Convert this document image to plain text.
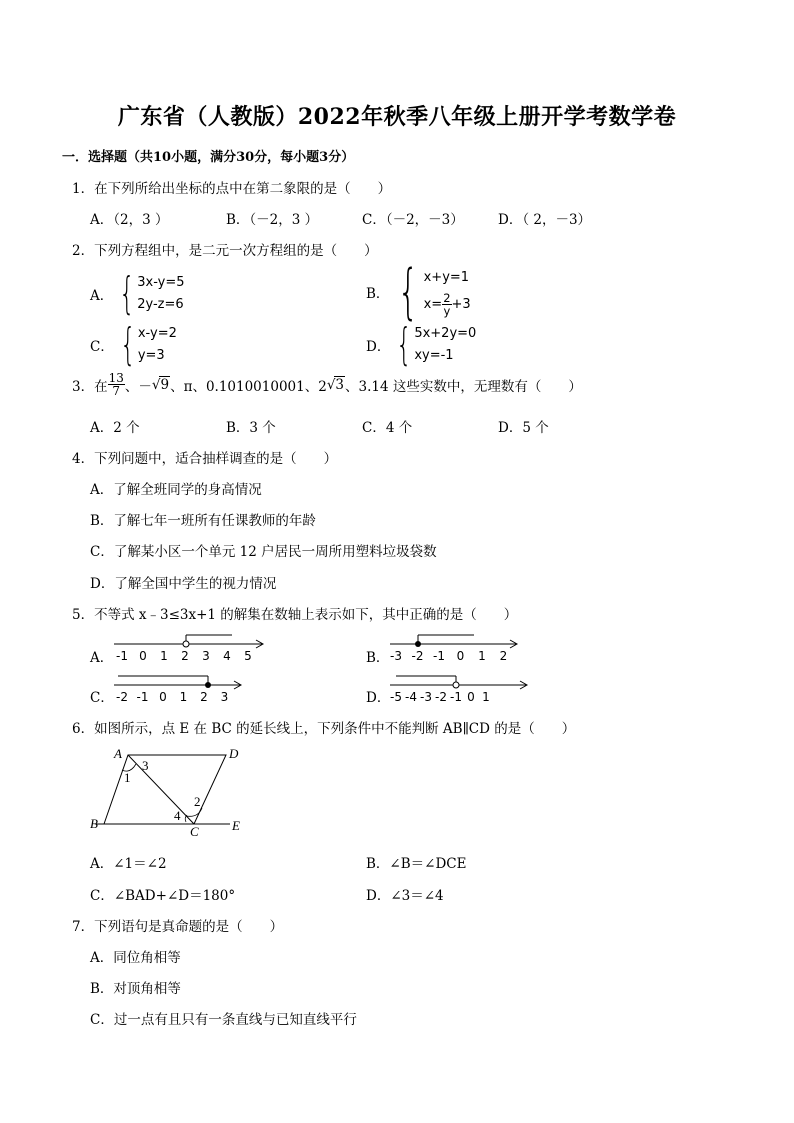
广东省（人教版）2022年秋季八年级上册开学考数学卷
一．选择题（共10小题，满分30分，每小题3分）
1．在下列所给出坐标的点中在第二象限的是（　　）
A．（2，3 ）	B．（－2，3 ）	C．（－2，－3）	D．（ 2，－3）
2．下列方程组中，是二元一次方程组的是（　　）
A． { 3x-y=5
2y-z=6
B． { x+y=1
$x= \frac{2}{y} +3$
C． { x-y=2
y=3
D． { 5x+2y=0
xy=-1
3．在 $\frac{13}{7}$ 、－ √ 9 、π、0.1010010001、2 √ 3 、3.14 这些实数中，无理数有（　　）
A．2 个	B．3 个	C．4 个	D．5 个
4．下列问题中，适合抽样调查的是（　　）
A．了解全班同学的身高情况
B．了解七年一班所有任课教师的年龄
C．了解某小区一个单元 12 户居民一周所用塑料垃圾袋数
D．了解全国中学生的视力情况
5．不等式 x﹣3≤3x+1 的解集在数轴上表示如下，其中正确的是（　　）
A． -1 0 1 2 3 4 5	B． -3 -2 -1 0 1 2
C． -2 -1 0 1 2 3	D． -5 -4 -3 -2 -1 0 1
6．如图所示，点 E 在 BC 的延长线上，下列条件中不能判断 AB∥CD 的是（　　）
A	D
B
C	E
1
3
2
4
A．∠1＝∠2	B．∠B＝∠DCE
C．∠BAD+∠D＝180°	D．∠3＝∠4
7．下列语句是真命题的是（　　）
A．同位角相等
B．对顶角相等
C．过一点有且只有一条直线与已知直线平行
